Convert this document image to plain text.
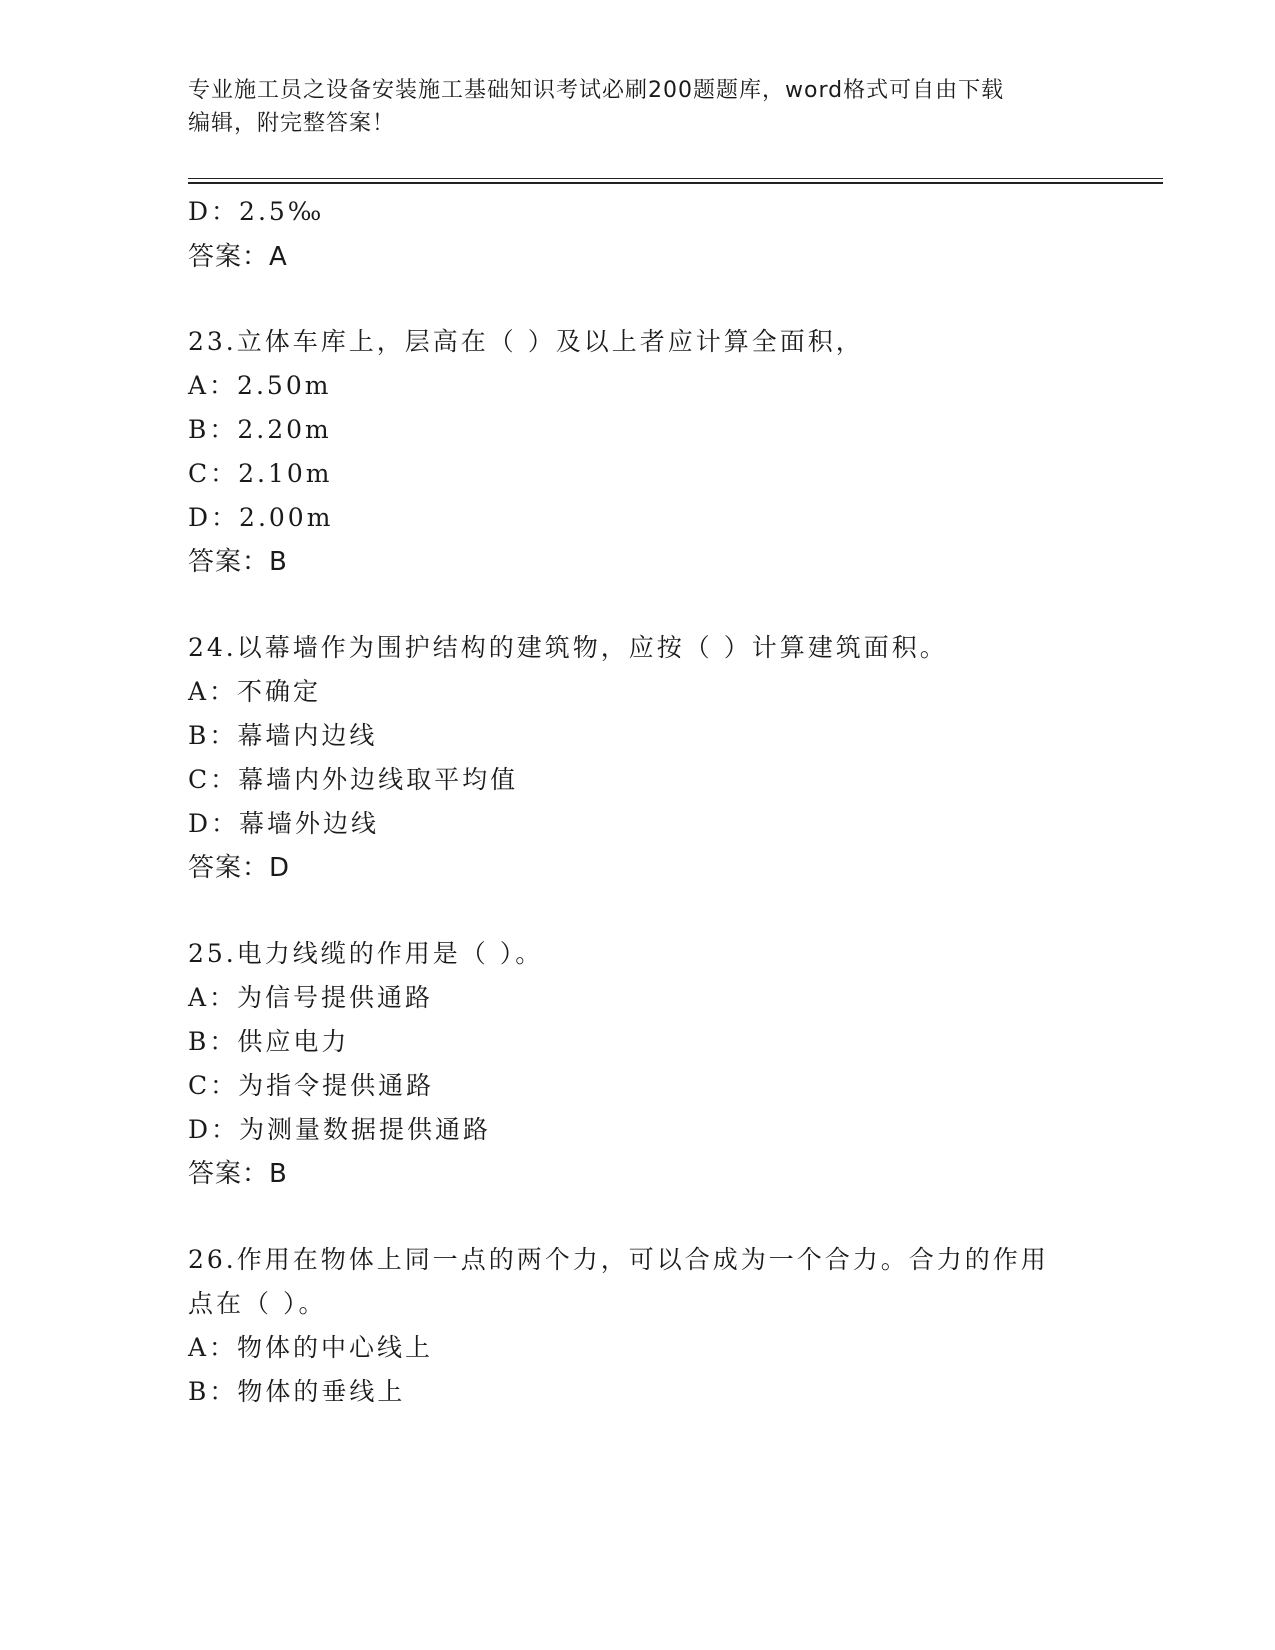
专业施工员之设备安装施工基础知识考试必刷200题题库，word格式可自由下载
编辑，附完整答案！
D：2.5‰
答案：A
23.立体车库上，层高在（ ）及以上者应计算全面积，
A：2.50m
B：2.20m
C：2.10m
D：2.00m
答案：B
24.以幕墙作为围护结构的建筑物，应按（ ）计算建筑面积。
A：不确定
B：幕墙内边线
C：幕墙内外边线取平均值
D：幕墙外边线
答案：D
25.电力线缆的作用是（ ）。
A：为信号提供通路
B：供应电力
C：为指令提供通路
D：为测量数据提供通路
答案：B
26.作用在物体上同一点的两个力，可以合成为一个合力。合力的作用
点在（ ）。
A：物体的中心线上
B：物体的垂线上
